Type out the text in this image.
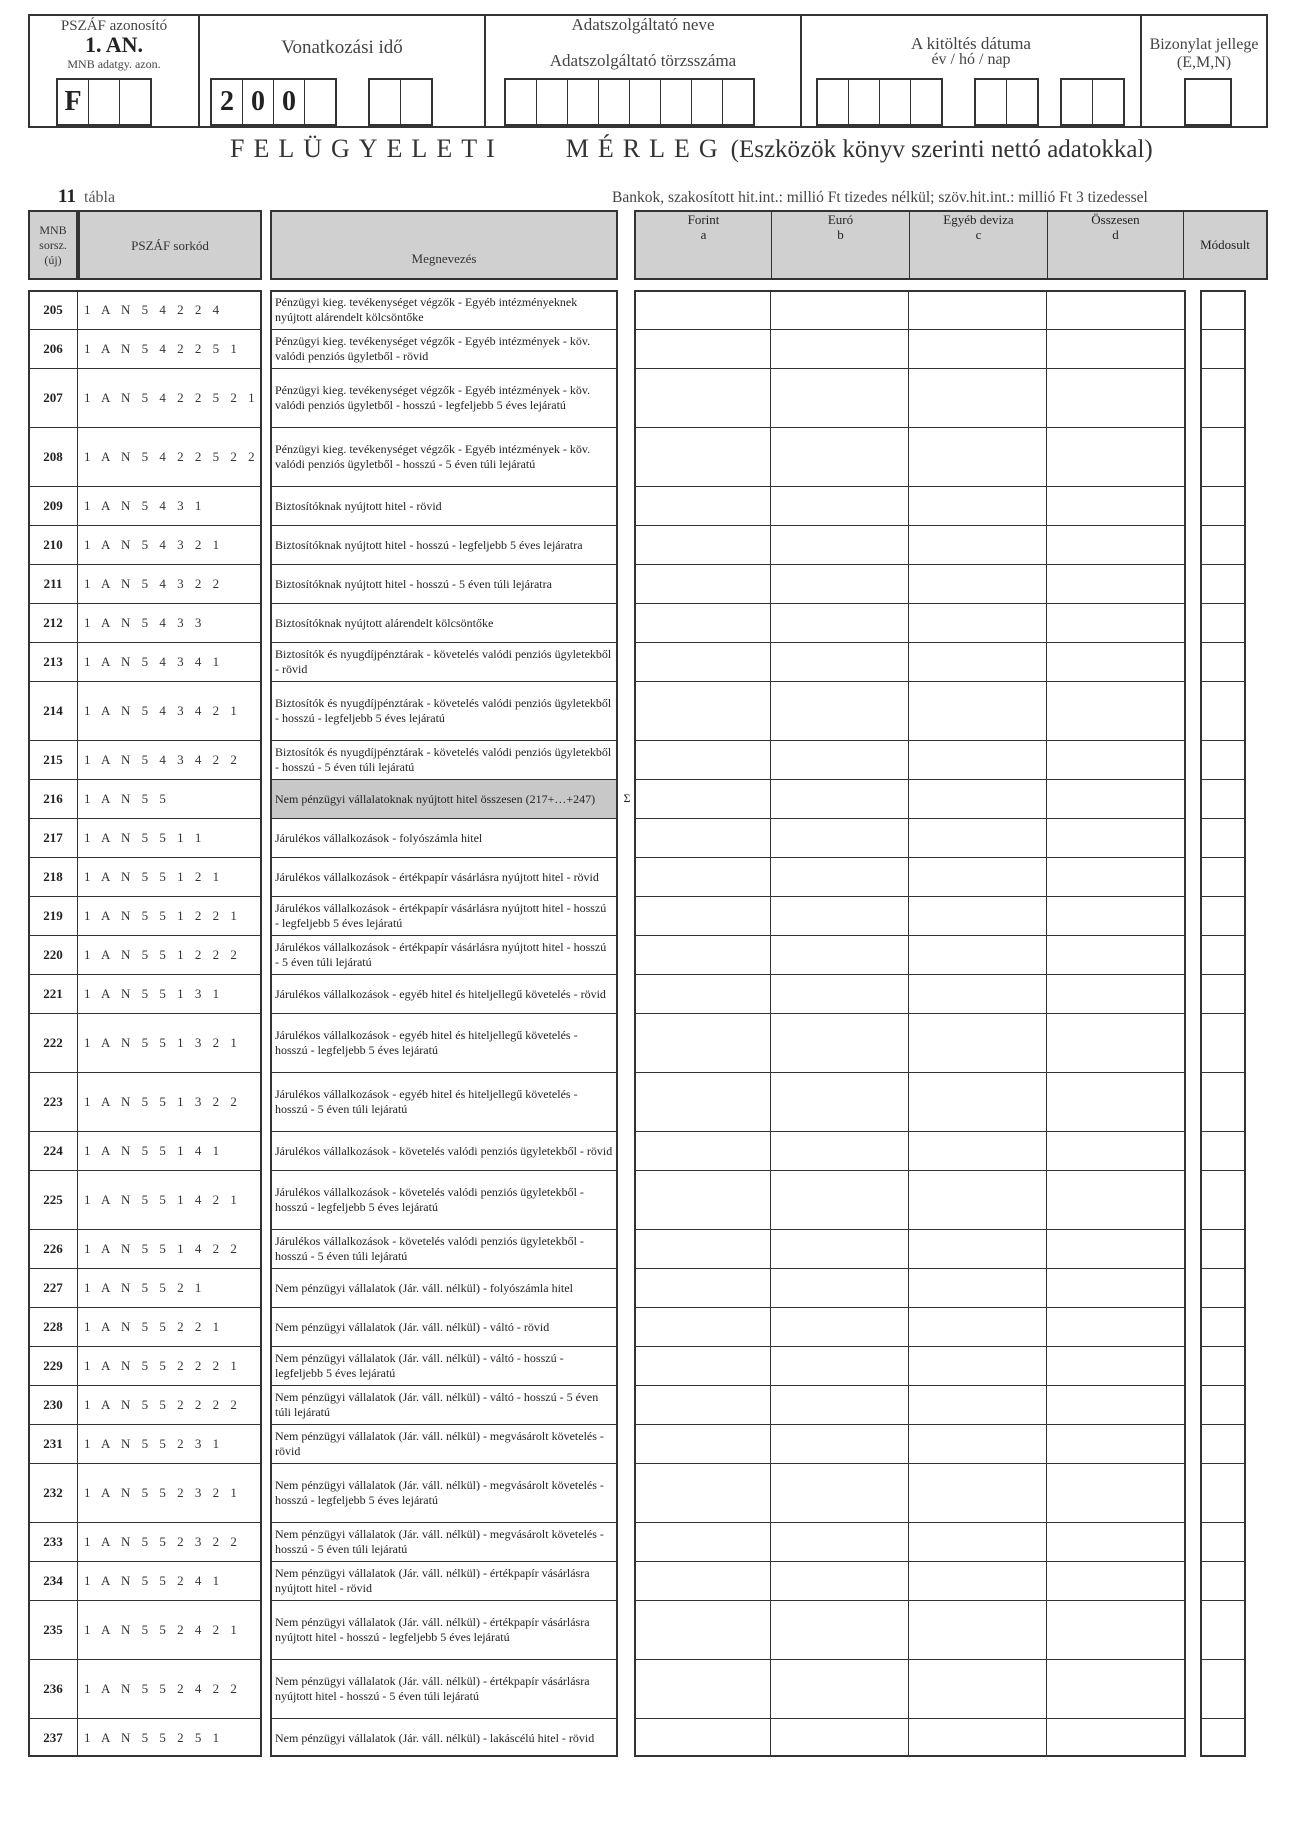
PSZÁF azonosító
1. AN.
MNB adatgy. azon.
F
Vonatkozási idő
2 0 0
Adatszolgáltató neve
Adatszolgáltató törzsszáma
A kitöltés dátuma
év / hó / nap
Bizonylat jellege (E,M,N)
FELÜGYELETI    MÉRLEG (Eszközök könyv szerinti nettó adatokkal)
11 tábla	Bankok, szakosított hit.int.: millió Ft tizedes nélkül; szöv.hit.int.: millió Ft 3 tizedessel
MNB sorsz. (új)
PSZÁF sorkód
Megnevezés
Forint
a
Euró
b
Egyéb deviza
c
Összesen
d
Módosult
205	1 A N 5 4 2 2 4	Pénzügyi kieg. tevékenységet végzők - Egyéb intézményeknek nyújtott alárendelt kölcsöntőke
206	1 A N 5 4 2 2 5 1	Pénzügyi kieg. tevékenységet végzők - Egyéb intézmények - köv. valódi penziós ügyletből - rövid
207	1 A N 5 4 2 2 5 2 1 Pénzügyi kieg. tevékenységet végzők - Egyéb intézmények - köv. valódi penziós ügyletből - hosszú - legfeljebb 5 éves lejáratú
208	1 A N 5 4 2 2 5 2 2 Pénzügyi kieg. tevékenységet végzők - Egyéb intézmények - köv. valódi penziós ügyletből - hosszú - 5 éven túli lejáratú
209	1 A N 5 4 3 1	Biztosítóknak nyújtott hitel - rövid
210	1 A N 5 4 3 2 1	Biztosítóknak nyújtott hitel - hosszú - legfeljebb 5 éves lejáratra
211	1 A N 5 4 3 2 2	Biztosítóknak nyújtott hitel - hosszú - 5 éven túli lejáratra
212	1 A N 5 4 3 3	Biztosítóknak nyújtott alárendelt kölcsöntőke
213	1 A N 5 4 3 4 1	Biztosítók és nyugdíjpénztárak - követelés valódi penziós ügyletekből - rövid
214	1 A N 5 4 3 4 2 1	Biztosítók és nyugdíjpénztárak - követelés valódi penziós ügyletekből - hosszú - legfeljebb 5 éves lejáratú
215	1 A N 5 4 3 4 2 2	Biztosítók és nyugdíjpénztárak - követelés valódi penziós ügyletekből - hosszú - 5 éven túli lejáratú
216	1 A N 5 5	Nem pénzügyi vállalatoknak nyújtott hitel összesen (217+…+247)	Σ
217	1 A N 5 5 1 1	Járulékos vállalkozások - folyószámla hitel
218	1 A N 5 5 1 2 1	Járulékos vállalkozások - értékpapír vásárlásra nyújtott hitel - rövid
219	1 A N 5 5 1 2 2 1	Járulékos vállalkozások - értékpapír vásárlásra nyújtott hitel - hosszú - legfeljebb 5 éves lejáratú
220	1 A N 5 5 1 2 2 2	Járulékos vállalkozások - értékpapír vásárlásra nyújtott hitel - hosszú - 5 éven túli lejáratú
221	1 A N 5 5 1 3 1	Járulékos vállalkozások - egyéb hitel és hiteljellegű követelés - rövid
222	1 A N 5 5 1 3 2 1	Járulékos vállalkozások - egyéb hitel és hiteljellegű követelés - hosszú - legfeljebb 5 éves lejáratú
223	1 A N 5 5 1 3 2 2	Járulékos vállalkozások - egyéb hitel és hiteljellegű követelés - hosszú - 5 éven túli lejáratú
224	1 A N 5 5 1 4 1	Járulékos vállalkozások - követelés valódi penziós ügyletekből - rövid
225	1 A N 5 5 1 4 2 1	Járulékos vállalkozások - követelés valódi penziós ügyletekből - hosszú - legfeljebb 5 éves lejáratú
226	1 A N 5 5 1 4 2 2	Járulékos vállalkozások - követelés valódi penziós ügyletekből - hosszú - 5 éven túli lejáratú
227	1 A N 5 5 2 1	Nem pénzügyi vállalatok (Jár. váll. nélkül) - folyószámla hitel
228	1 A N 5 5 2 2 1	Nem pénzügyi vállalatok (Jár. váll. nélkül) - váltó - rövid
229	1 A N 5 5 2 2 2 1	Nem pénzügyi vállalatok (Jár. váll. nélkül) - váltó - hosszú - legfeljebb 5 éves lejáratú
230	1 A N 5 5 2 2 2 2	Nem pénzügyi vállalatok (Jár. váll. nélkül) - váltó - hosszú - 5 éven túli lejáratú
231	1 A N 5 5 2 3 1	Nem pénzügyi vállalatok (Jár. váll. nélkül) - megvásárolt követelés - rövid
232	1 A N 5 5 2 3 2 1	Nem pénzügyi vállalatok (Jár. váll. nélkül) - megvásárolt követelés - hosszú - legfeljebb 5 éves lejáratú
233	1 A N 5 5 2 3 2 2	Nem pénzügyi vállalatok (Jár. váll. nélkül) - megvásárolt követelés - hosszú - 5 éven túli lejáratú
234	1 A N 5 5 2 4 1	Nem pénzügyi vállalatok (Jár. váll. nélkül) - értékpapír vásárlásra nyújtott hitel - rövid
235	1 A N 5 5 2 4 2 1	Nem pénzügyi vállalatok (Jár. váll. nélkül) - értékpapír vásárlásra nyújtott hitel - hosszú - legfeljebb 5 éves lejáratú
236	1 A N 5 5 2 4 2 2	Nem pénzügyi vállalatok (Jár. váll. nélkül) - értékpapír vásárlásra nyújtott hitel - hosszú - 5 éven túli lejáratú
237	1 A N 5 5 2 5 1	Nem pénzügyi vállalatok (Jár. váll. nélkül) - lakáscélú hitel - rövid
